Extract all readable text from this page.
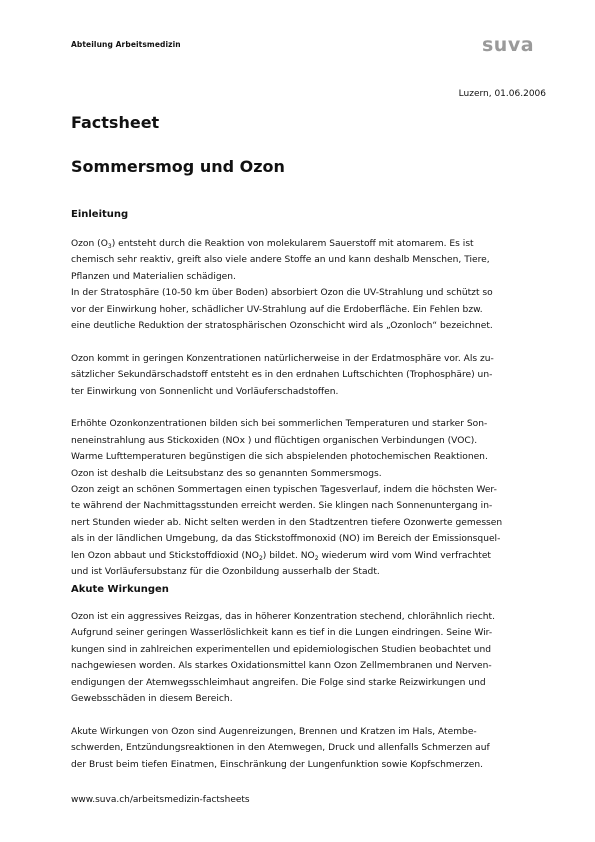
Abteilung Arbeitsmedizin	suva
Luzern, 01.06.2006
Factsheet
Sommersmog und Ozon
Einleitung
Ozon $(O_3)$ entsteht durch die Reaktion von molekularem Sauerstoff mit atomarem. Es ist
chemisch sehr reaktiv, greift also viele andere Stoffe an und kann deshalb Menschen, Tiere,
Pflanzen und Materialien schädigen.
In der Stratosphäre (10-50 km über Boden) absorbiert Ozon die UV-Strahlung und schützt so
vor der Einwirkung hoher, schädlicher UV-Strahlung auf die Erdoberfläche. Ein Fehlen bzw.
eine deutliche Reduktion der stratosphärischen Ozonschicht wird als „Ozonloch“ bezeichnet.
Ozon kommt in geringen Konzentrationen natürlicherweise in der Erdatmosphäre vor. Als zu-
sätzlicher Sekundärschadstoff entsteht es in den erdnahen Luftschichten (Trophosphäre) un-
ter Einwirkung von Sonnenlicht und Vorläuferschadstoffen.
Erhöhte Ozonkonzentrationen bilden sich bei sommerlichen Temperaturen und starker Son-
neneinstrahlung aus Stickoxiden (NOx ) und flüchtigen organischen Verbindungen (VOC).
Warme Lufttemperaturen begünstigen die sich abspielenden photochemischen Reaktionen.
Ozon ist deshalb die Leitsubstanz des so genannten Sommersmogs.
Ozon zeigt an schönen Sommertagen einen typischen Tagesverlauf, indem die höchsten Wer-
te während der Nachmittagsstunden erreicht werden. Sie klingen nach Sonnenuntergang in-
nert Stunden wieder ab. Nicht selten werden in den Stadtzentren tiefere Ozonwerte gemessen
als in der ländlichen Umgebung, da das Stickstoffmonoxid (NO) im Bereich der Emissionsquel-
len Ozon abbaut und Stickstoffdioxid $(NO_2)$ bildet. $NO_2$ wiederum wird vom Wind verfrachtet
und ist Vorläufersubstanz für die Ozonbildung ausserhalb der Stadt.
Akute Wirkungen
Ozon ist ein aggressives Reizgas, das in höherer Konzentration stechend, chlorähnlich riecht.
Aufgrund seiner geringen Wasserlöslichkeit kann es tief in die Lungen eindringen. Seine Wir-
kungen sind in zahlreichen experimentellen und epidemiologischen Studien beobachtet und
nachgewiesen worden. Als starkes Oxidationsmittel kann Ozon Zellmembranen und Nerven-
endigungen der Atemwegsschleimhaut angreifen. Die Folge sind starke Reizwirkungen und
Gewebsschäden in diesem Bereich.
Akute Wirkungen von Ozon sind Augenreizungen, Brennen und Kratzen im Hals, Atembe-
schwerden, Entzündungsreaktionen in den Atemwegen, Druck und allenfalls Schmerzen auf
der Brust beim tiefen Einatmen, Einschränkung der Lungenfunktion sowie Kopfschmerzen.
www.suva.ch/arbeitsmedizin-factsheets
